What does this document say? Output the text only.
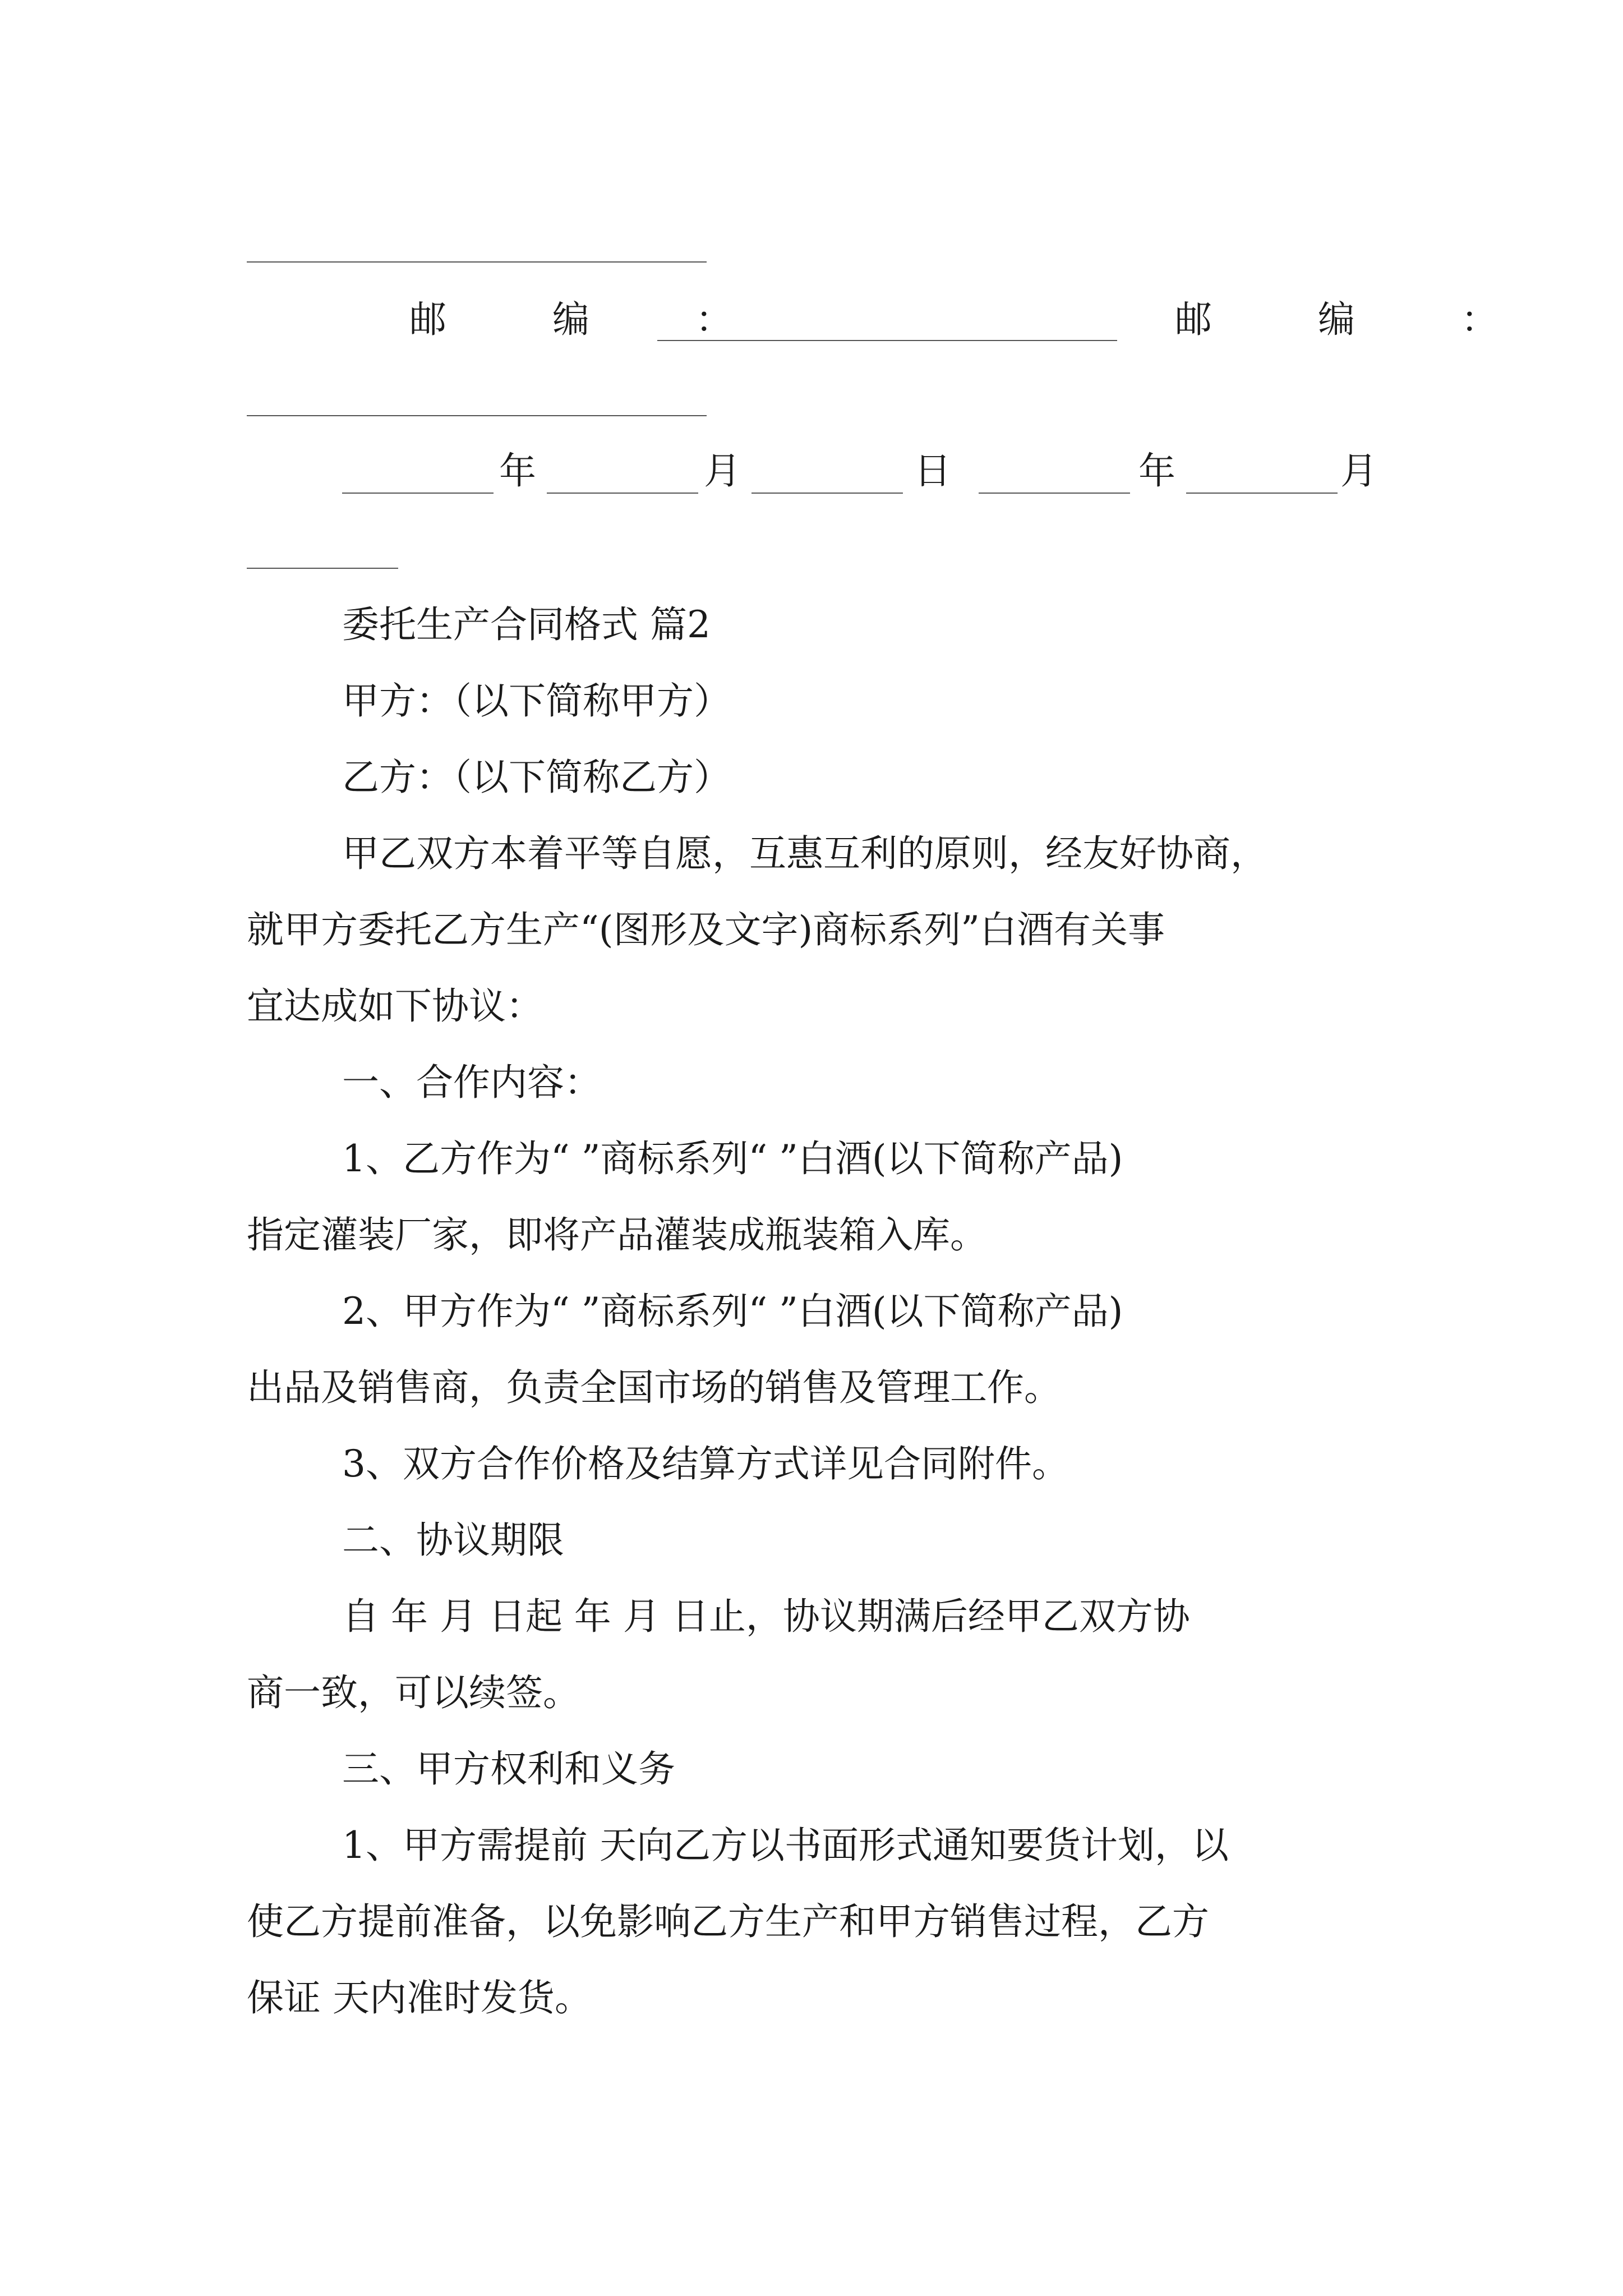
邮 编 ：	邮 编 ：
年	月	日	年	月
委托生产合同格式 篇2
甲方：（以下简称甲方）
乙方：（以下简称乙方）
甲乙双方本着平等自愿，互惠互利的原则，经友好协商，
就甲方委托乙方生产“(图形及文字)商标系列”白酒有关事
宜达成如下协议：
一、合作内容：
1、乙方作为“ ”商标系列“ ”白酒(以下简称产品)
指定灌装厂家，即将产品灌装成瓶装箱入库。
2、甲方作为“ ”商标系列“ ”白酒(以下简称产品)
出品及销售商，负责全国市场的销售及管理工作。
3、双方合作价格及结算方式详见合同附件。
二、协议期限
自 年 月 日起 年 月 日止，协议期满后经甲乙双方协
商一致，可以续签。
三、甲方权利和义务
1、甲方需提前 天向乙方以书面形式通知要货计划，以
使乙方提前准备，以免影响乙方生产和甲方销售过程，乙方
保证 天内准时发货。
